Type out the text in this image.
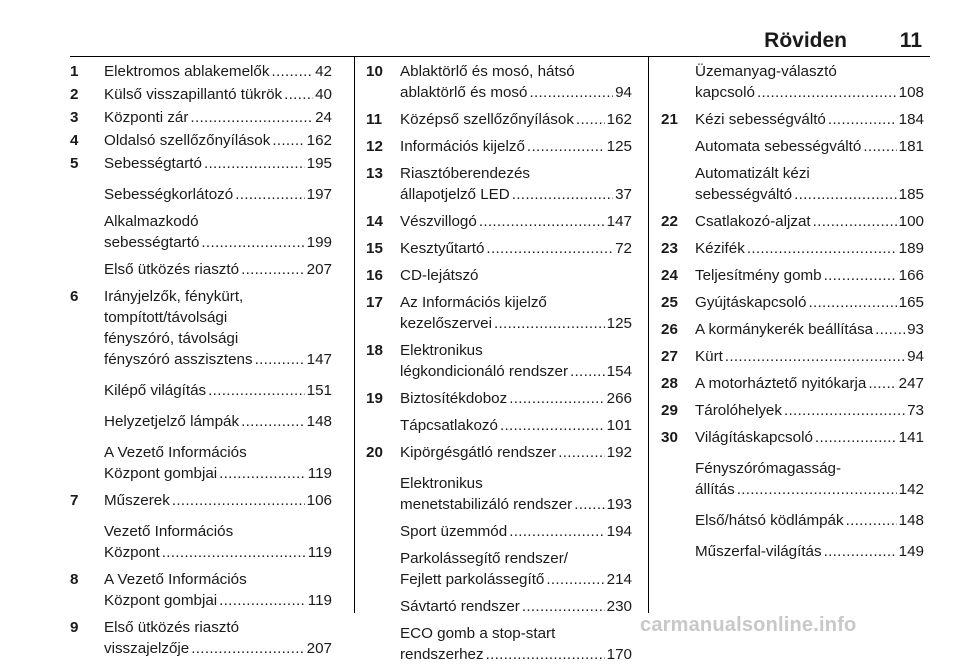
Röviden	11
1 Elektromos ablakemelők .....	42
2 Külső visszapillantó tükrök ..... 40
3 Központi zár .....	24
4 Oldalsó szellőzőnyílások ..... 162
5 Sebességtartó .....	195
Sebességkorlátozó .....	197
Alkalmazkodó
sebességtartó .....	199
Első ütközés riasztó .....	207
6 Irányjelzők, fénykürt,
tompított/távolsági
fényszóró, távolsági
fényszóró asszisztens .....	147
Kilépő világítás .....	151
Helyzetjelző lámpák .....	148
A Vezető Információs
Központ gombjai .....	119
7 Műszerek .....	106
Vezető Információs
Központ .....	119
8 A Vezető Információs
Központ gombjai .....	119
9 Első ütközés riasztó
visszajelzője .....	207
10 Ablaktörlő és mosó, hátsó
ablaktörlő és mosó .....	94
11 Középső szellőzőnyílások ..... 162
12 Információs kijelző .....	125
13 Riasztóberendezés
állapotjelző LED .....	37
14 Vészvillogó .....	147
15 Kesztyűtartó .....	72
16 CD-lejátszó
17 Az Információs kijelző
kezelőszervei .....	125
18 Elektronikus
légkondicionáló rendszer .....	154
19 Biztosítékdoboz .....	266
Tápcsatlakozó .....	101
20 Kipörgésgátló rendszer .....	192
Elektronikus
menetstabilizáló rendszer ..... 193
Sport üzemmód .....	194
Parkolássegítő rendszer/
Fejlett parkolássegítő .....	214
Sávtartó rendszer .....	230
ECO gomb a stop-start
rendszerhez .....	170
Üzemanyag-választó
kapcsoló .....	108
21 Kézi sebességváltó .....	184
Automata sebességváltó ..... 181
Automatizált kézi
sebességváltó .....	185
22 Csatlakozó-aljzat .....	100
23 Kézifék .....	189
24 Teljesítmény gomb .....	166
25 Gyújtáskapcsoló .....	165
26 A kormánykerék beállítása ..... 93
27 Kürt .....	94
28 A motorháztető nyitókarja ..... 247
29 Tárolóhelyek .....	73
30 Világításkapcsoló .....	141
Fényszórómagasság-
állítás .....	142
Első/hátsó ködlámpák .....	148
Műszerfal-világítás .....	149
carmanualsonline.info
